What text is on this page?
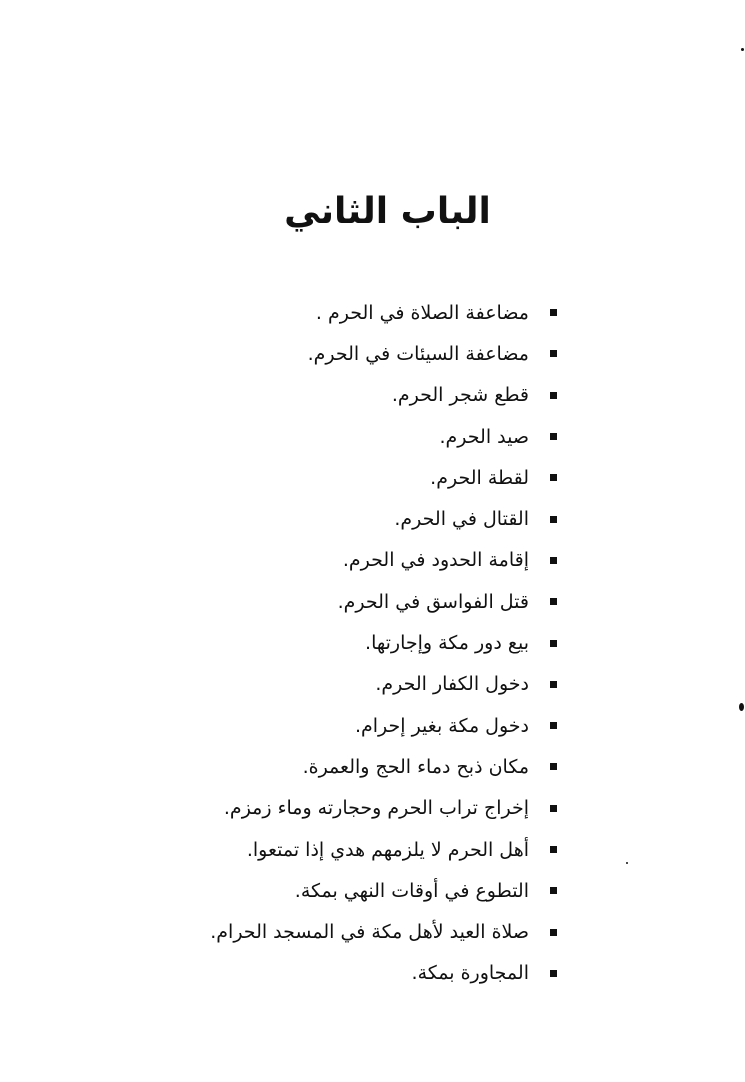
الباب الثاني
مضاعفة الصلاة في الحرم .
مضاعفة السيئات في الحرم.
قطع شجر الحرم.
صيد الحرم.
لقطة الحرم.
القتال في الحرم.
إقامة الحدود في الحرم.
قتل الفواسق في الحرم.
بيع دور مكة وإجارتها.
دخول الكفار الحرم.
دخول مكة بغير إحرام.
مكان ذبح دماء الحج والعمرة.
إخراج تراب الحرم وحجارته وماء زمزم.
أهل الحرم لا يلزمهم هدي إذا تمتعوا.
التطوع في أوقات النهي بمكة.
صلاة العيد لأهل مكة في المسجد الحرام.
المجاورة بمكة.
